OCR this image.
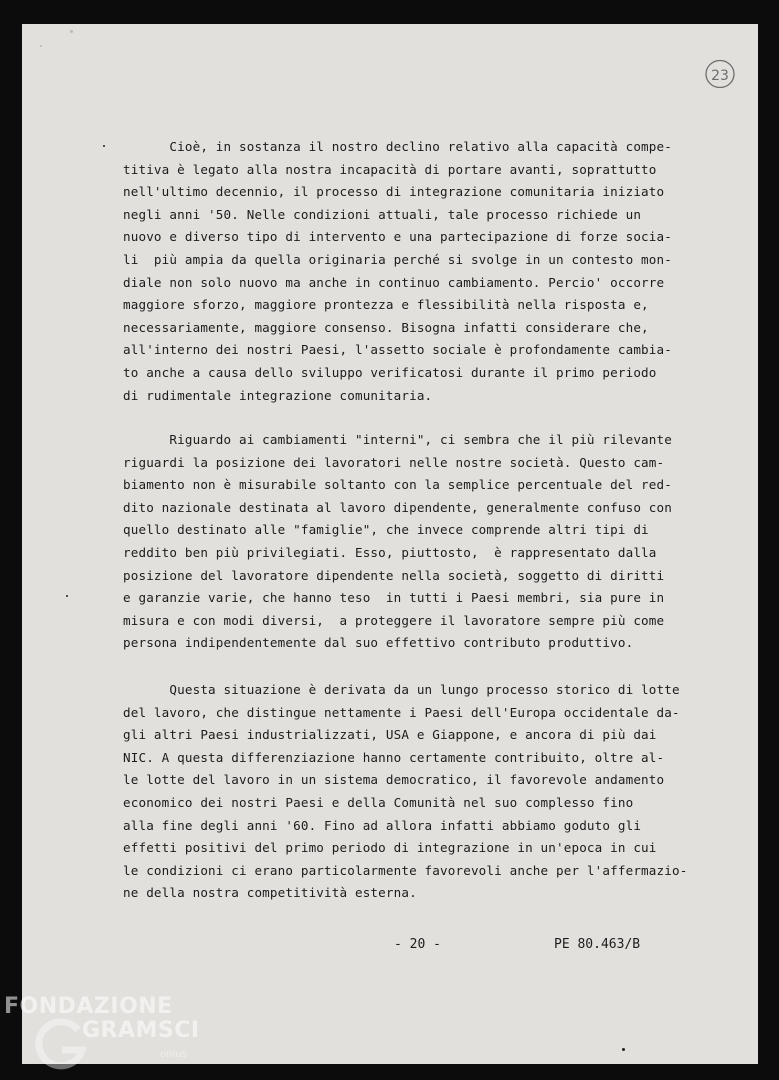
23
Cioè, in sostanza il nostro declino relativo alla capacità compe-
titiva è legato alla nostra incapacità di portare avanti, soprattutto
nell'ultimo decennio, il processo di integrazione comunitaria iniziato
negli anni '50. Nelle condizioni attuali, tale processo richiede un
nuovo e diverso tipo di intervento e una partecipazione di forze socia-
li  più ampia da quella originaria perché si svolge in un contesto mon-
diale non solo nuovo ma anche in continuo cambiamento. Percio' occorre
maggiore sforzo, maggiore prontezza e flessibilità nella risposta e,
necessariamente, maggiore consenso. Bisogna infatti considerare che,
all'interno dei nostri Paesi, l'assetto sociale è profondamente cambia-
to anche a causa dello sviluppo verificatosi durante il primo periodo
di rudimentale integrazione comunitaria.
Riguardo ai cambiamenti "interni", ci sembra che il più rilevante
riguardi la posizione dei lavoratori nelle nostre società. Questo cam-
biamento non è misurabile soltanto con la semplice percentuale del red-
dito nazionale destinata al lavoro dipendente, generalmente confuso con
quello destinato alle "famiglie", che invece comprende altri tipi di
reddito ben più privilegiati. Esso, piuttosto,  è rappresentato dalla
posizione del lavoratore dipendente nella società, soggetto di diritti
e garanzie varie, che hanno teso  in tutti i Paesi membri, sia pure in
misura e con modi diversi,  a proteggere il lavoratore sempre più come
persona indipendentemente dal suo effettivo contributo produttivo.
Questa situazione è derivata da un lungo processo storico di lotte
del lavoro, che distingue nettamente i Paesi dell'Europa occidentale da-
gli altri Paesi industrializzati, USA e Giappone, e ancora di più dai
NIC. A questa differenziazione hanno certamente contribuito, oltre al-
le lotte del lavoro in un sistema democratico, il favorevole andamento
economico dei nostri Paesi e della Comunità nel suo complesso fino
alla fine degli anni '60. Fino ad allora infatti abbiamo goduto gli
effetti positivi del primo periodo di integrazione in un'epoca in cui
le condizioni ci erano particolarmente favorevoli anche per l'affermazio-
ne della nostra competitività esterna.
- 20 -	PE 80.463/B
FONDAZIONE
GRAMSCI
onlus
